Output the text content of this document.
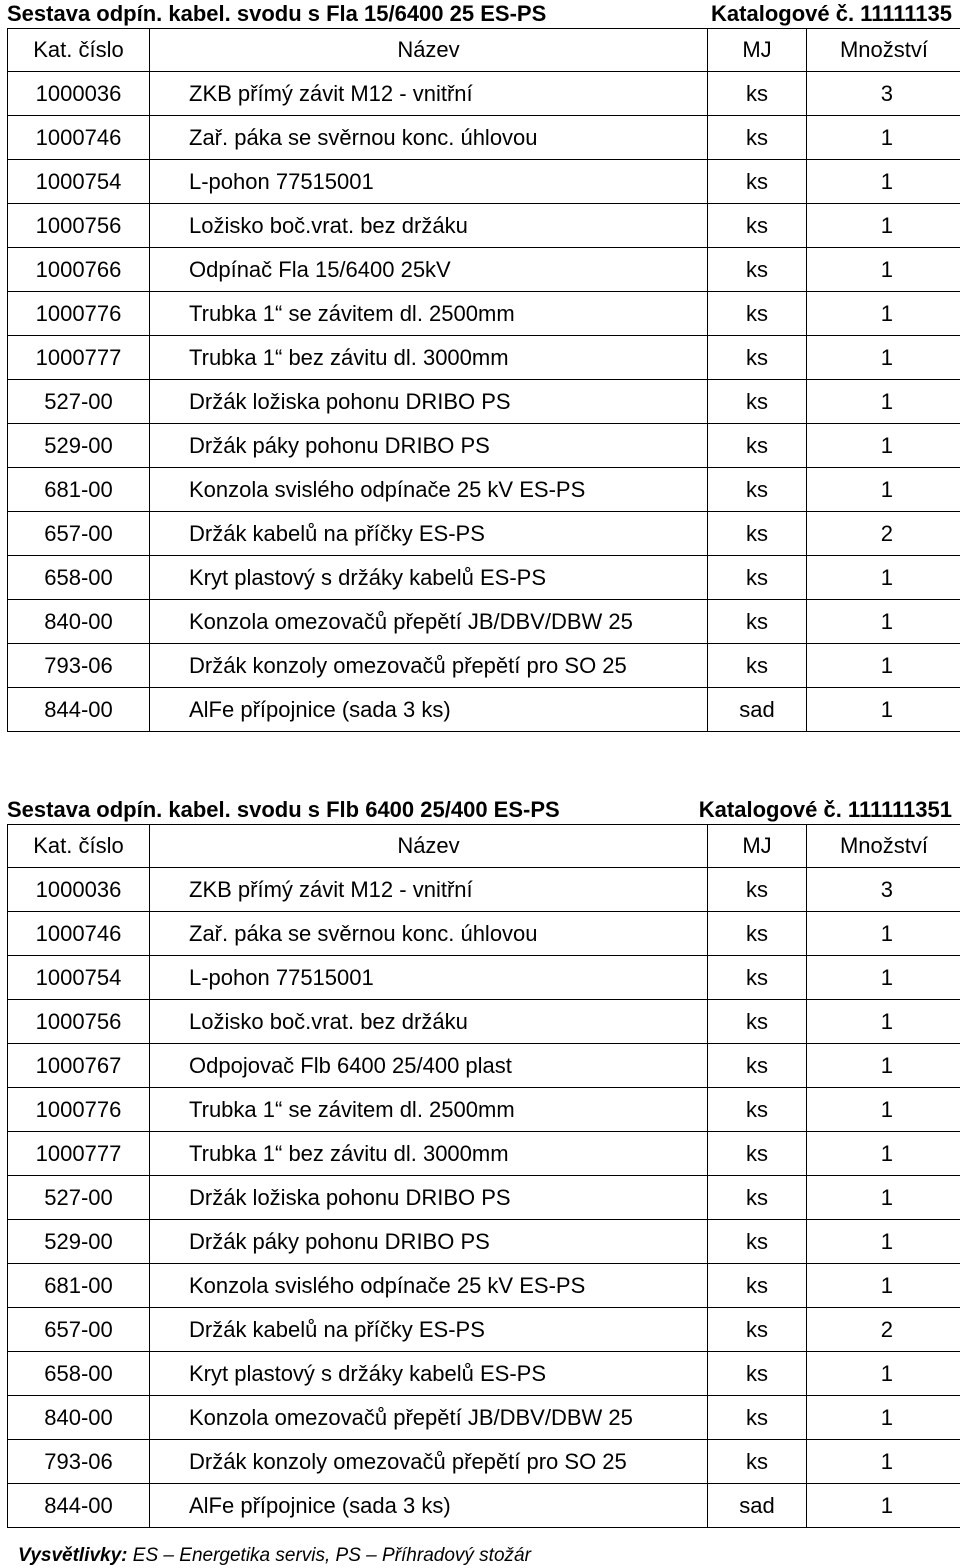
Sestava odpín. kabel. svodu s Fla 15/6400 25 ES-PS	Katalogové č. 11111135
Kat. číslo	Název	MJ	Množství
1000036	ZKB přímý závit M12 - vnitřní	ks	3
1000746	Zař. páka se svěrnou konc. úhlovou	ks	1
1000754	L-pohon 77515001	ks	1
1000756	Ložisko boč.vrat. bez držáku	ks	1
1000766	Odpínač Fla 15/6400 25kV	ks	1
1000776	Trubka 1“ se závitem dl. 2500mm	ks	1
1000777	Trubka 1“ bez závitu dl. 3000mm	ks	1
527-00	Držák ložiska pohonu DRIBO PS	ks	1
529-00	Držák páky pohonu DRIBO PS	ks	1
681-00	Konzola svislého odpínače 25 kV ES-PS	ks	1
657-00	Držák kabelů na příčky ES-PS	ks	2
658-00	Kryt plastový s držáky kabelů ES-PS	ks	1
840-00	Konzola omezovačů přepětí JB/DBV/DBW 25	ks	1
793-06	Držák konzoly omezovačů přepětí pro SO 25	ks	1
844-00	AlFe přípojnice (sada 3 ks)	sad	1
Sestava odpín. kabel. svodu s Flb 6400 25/400 ES-PS	Katalogové č. 111111351
Kat. číslo	Název	MJ	Množství
1000036	ZKB přímý závit M12 - vnitřní	ks	3
1000746	Zař. páka se svěrnou konc. úhlovou	ks	1
1000754	L-pohon 77515001	ks	1
1000756	Ložisko boč.vrat. bez držáku	ks	1
1000767	Odpojovač Flb 6400 25/400 plast	ks	1
1000776	Trubka 1“ se závitem dl. 2500mm	ks	1
1000777	Trubka 1“ bez závitu dl. 3000mm	ks	1
527-00	Držák ložiska pohonu DRIBO PS	ks	1
529-00	Držák páky pohonu DRIBO PS	ks	1
681-00	Konzola svislého odpínače 25 kV ES-PS	ks	1
657-00	Držák kabelů na příčky ES-PS	ks	2
658-00	Kryt plastový s držáky kabelů ES-PS	ks	1
840-00	Konzola omezovačů přepětí JB/DBV/DBW 25	ks	1
793-06	Držák konzoly omezovačů přepětí pro SO 25	ks	1
844-00	AlFe přípojnice (sada 3 ks)	sad	1
Vysvětlivky: ES – Energetika servis, PS – Příhradový stožár
